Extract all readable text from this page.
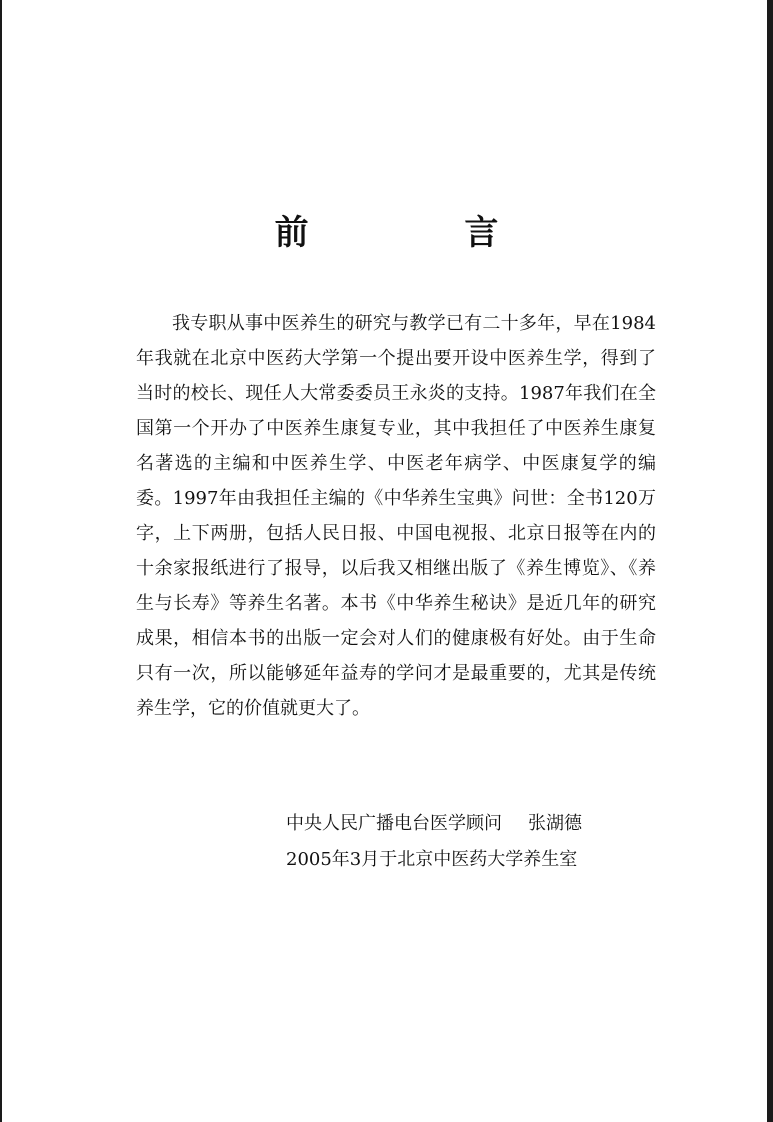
前 言

我专职从事中医养生的研究与教学已有二十多年，早在1984年我就在北京中医药大学第一个提出要开设中医养生学，得到了当时的校长、现任人大常委委员王永炎的支持。1987年我们在全国第一个开办了中医养生康复专业，其中我担任了中医养生康复名著选的主编和中医养生学、中医老年病学、中医康复学的编委。1997年由我担任主编的《中华养生宝典》问世：全书120万字，上下两册，包括人民日报、中国电视报、北京日报等在内的十余家报纸进行了报导，以后我又相继出版了《养生博览》、《养生与长寿》等养生名著。本书《中华养生秘诀》是近几年的研究成果，相信本书的出版一定会对人们的健康极有好处。由于生命只有一次，所以能够延年益寿的学问才是最重要的，尤其是传统养生学，它的价值就更大了。

中央人民广播电台医学顾问 张湖德
2005年3月于北京中医药大学养生室
